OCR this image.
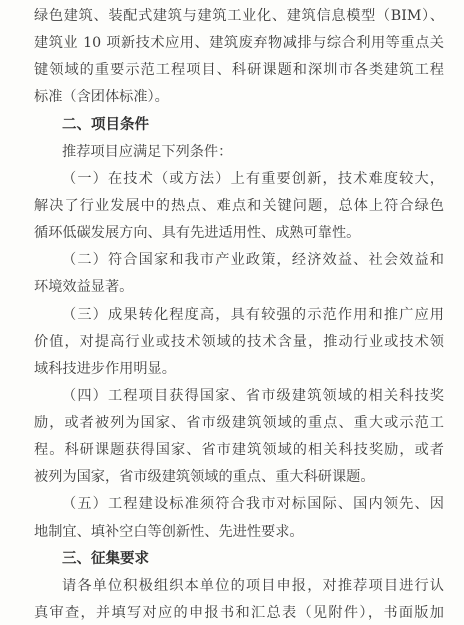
绿色建筑、装配式建筑与建筑工业化、建筑信息模型（BIM）、
建筑业 10 项新技术应用、建筑废弃物减排与综合利用等重点关
键领域的重要示范工程项目、科研课题和深圳市各类建筑工程
标准（含团体标准）。
二、项目条件
推荐项目应满足下列条件：
（一）在技术（或方法）上有重要创新，技术难度较大，
解决了行业发展中的热点、难点和关键问题，总体上符合绿色
循环低碳发展方向、具有先进适用性、成熟可靠性。
（二）符合国家和我市产业政策，经济效益、社会效益和
环境效益显著。
（三）成果转化程度高，具有较强的示范作用和推广应用
价值，对提高行业或技术领域的技术含量，推动行业或技术领
域科技进步作用明显。
（四）工程项目获得国家、省市级建筑领域的相关科技奖
励，或者被列为国家、省市级建筑领域的重点、重大或示范工
程。科研课题获得国家、省市建筑领域的相关科技奖励，或者
被列为国家，省市级建筑领域的重点、重大科研课题。
（五）工程建设标准须符合我市对标国际、国内领先、因
地制宜、填补空白等创新性、先进性要求。
三、征集要求
请各单位积极组织本单位的项目申报，对推荐项目进行认
真审查，并填写对应的申报书和汇总表（见附件），书面版加
